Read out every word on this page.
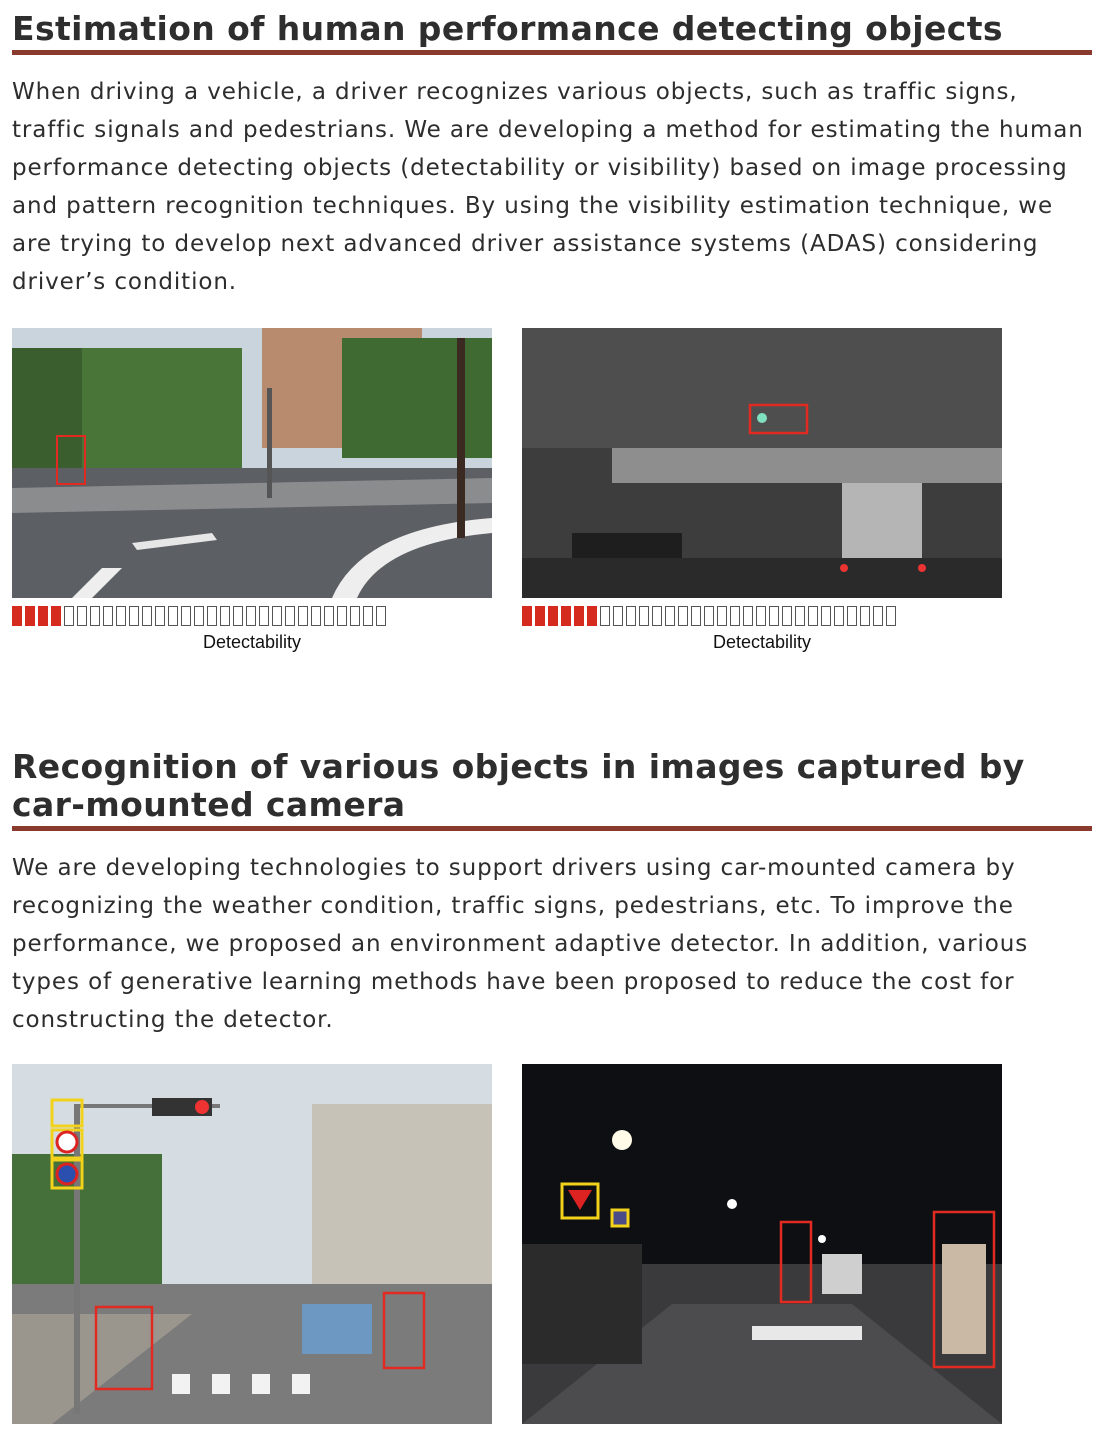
Estimation of human performance detecting objects

When driving a vehicle, a driver recognizes various objects, such as traffic signs, traffic signals and pedestrians. We are developing a method for estimating the human performance detecting objects (detectability or visibility) based on image processing and pattern recognition techniques. By using the visibility estimation technique, we are trying to develop next advanced driver assistance systems (ADAS) considering driver’s condition.

Detectability	Detectability
Recognition of various objects in images captured by car-mounted camera

We are developing technologies to support drivers using car-mounted camera by recognizing the weather condition, traffic signs, pedestrians, etc. To improve the performance, we proposed an environment adaptive detector. In addition, various types of generative learning methods have been proposed to reduce the cost for constructing the detector.
